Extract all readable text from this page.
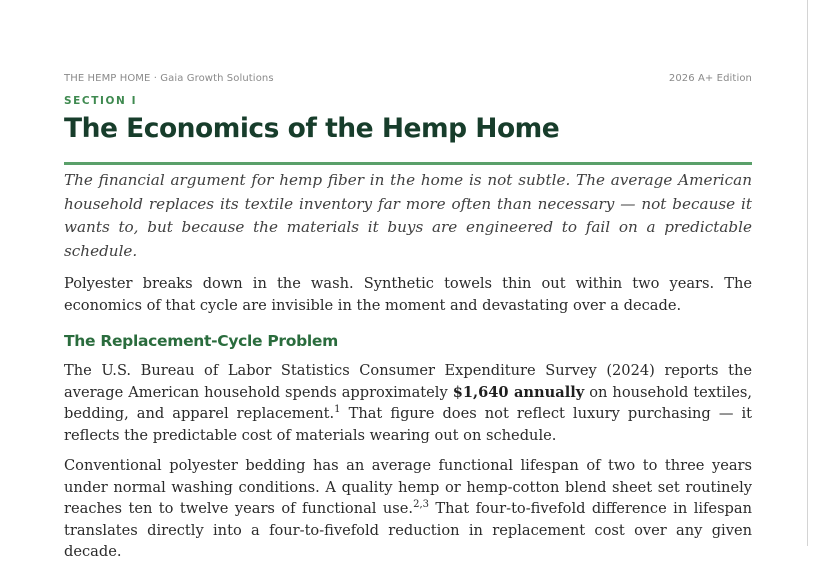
THE HEMP HOME · Gaia Growth Solutions	2026 A+ Edition
SECTION I
The Economics of the Hemp Home

The financial argument for hemp fiber in the home is not subtle. The average American household replaces its textile inventory far more often than necessary — not because it wants to, but because the materials it buys are engineered to fail on a predictable schedule.

Polyester breaks down in the wash. Synthetic towels thin out within two years. The economics of that cycle are invisible in the moment and devastating over a decade.

The Replacement-Cycle Problem

The U.S. Bureau of Labor Statistics Consumer Expenditure Survey (2024) reports the average American household spends approximately $1,640 annually on household textiles, bedding, and apparel replacement.$^1$ That figure does not reflect luxury purchasing — it reflects the predictable cost of materials wearing out on schedule.

Conventional polyester bedding has an average functional lifespan of two to three years under normal washing conditions. A quality hemp or hemp-cotton blend sheet set routinely reaches ten to twelve years of functional use.$^{2,3}$ That four-to-fivefold difference in lifespan translates directly into a four-to-fivefold reduction in replacement cost over any given decade.
